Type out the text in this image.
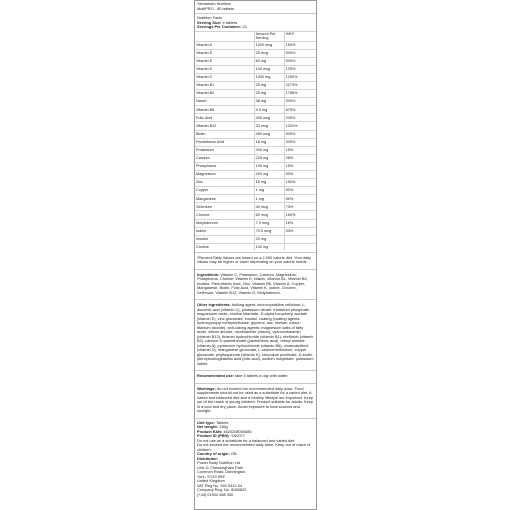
Yamamoto Nutrition
MultiPRO - 60 tablets
Nutrition Facts
Serving Size: 4 tablets
Servings Per Container: 20
	Amount Per Serving	%RI*
Vitamin A	1200 mcg	150%
Vitamin D	25 mcg	500%
Vitamin E	60 mg	500%
Vitamin K	100 mcg	133%
Vitamin C	1000 mg	1250%
Vitamin B1	25 mg	2273%
Vitamin B2	25 mg	1786%
Niacin	48 mg	300%
Vitamin B6	9.5 mg	679%
Folic Acid	400 mcg	200%
Vitamin B12	33 mcg	1320%
Biotin	450 mcg	900%
Pantothenic Acid	18 mg	300%
Potassium	300 mg	15%
Calcium	225 mg	28%
Phosphorus	105 mg	15%
Magnesium	200 mg	53%
Zinc	15 mg	150%
Copper	1 mg	50%
Manganese	1 mg	50%
Selenium	40 mcg	73%
Chrome	60 mcg	150%
Molybdenum	7.9 mcg	16%
Iodine	79.5 mcg	53%
Inositol	20 mg	
Choline	100 mg	

*Percent Daily Values are based on a 2,000 calorie diet. Your daily values may be higher or lower depending on your calorie needs.

Ingredients: Vitamin C, Potassium, Calcium, Magnesium, Phosphorus, Choline, Vitamin E, Niacin, Vitamin B1, Vitamin B2, Inositol, Pantothenic Acid, Zinc, Vitamin B6, Vitamin A, Copper, Manganese, Biotin, Folic Acid, Vitamin K, Iodine, Chrome, Selenium, Vitamin B12, Vitamin D, Molybdenum.

Other ingredients: bulking agent: microcrystalline cellulose, L-ascorbic acid (vitamin C), potassium citrate, tricalcium phosphate, magnesium oxide, choline bitartrate, D-alpha tocopheryl acetate (vitamin E), zinc gluconate, inositol, coating (coating agents: hydroxypropyl methylcellulose, glycerol, talc, shellac; colour: titanium dioxide), anti-caking agents: magnesium salts of fatty acids, silicon dioxide, nicotinamide (niacin), cyanocobalamin (vitamin B12), thiamin hydrochloride (vitamin B1), riboflavin (vitamin B2), calcium D-pantothenate (pantothenic acid), retinyl acetate (vitamin A), pyridoxine hydrochloride (vitamin B6), cholecalciferol (vitamin D), manganese gluconate, L-selenomethionine, copper gluconate, phylloquinone (vitamin K), chromium picolinate, D-biotin, pteroylmonoglutamic acid (folic acid), sodium molybdate, potassium iodide.

Recommended use: take 4 tablets a day with water.

Warnings: do not exceed the recommended daily dose. Food supplements should not be used as a substitute for a varied diet. A varied and balanced diet and a healthy lifestyle are important. Keep out of the reach of young children. Product suitable for adults. Keep in a cool and dry place. Avoid exposure to heat sources and sunlight.

Unit type: Tablets
Net weight: 136g
Product EAN: 4820208000885
Product ID (PBN): YN0077
Do not use as a substitute for a balanced and varied diet.
Do not exceed the recommended daily dose. Keep out of reach of children.
Country of origin: GB
Distributor:
Power Body Nutrition Ltd
Unit 11 Chessingham Park
Common Road, Dunnington,
York, YO19 5SE
United Kingdom
VAT Reg No. 940 5412 44
Company Reg. No. 8089822
(+44) 01904 488 330
